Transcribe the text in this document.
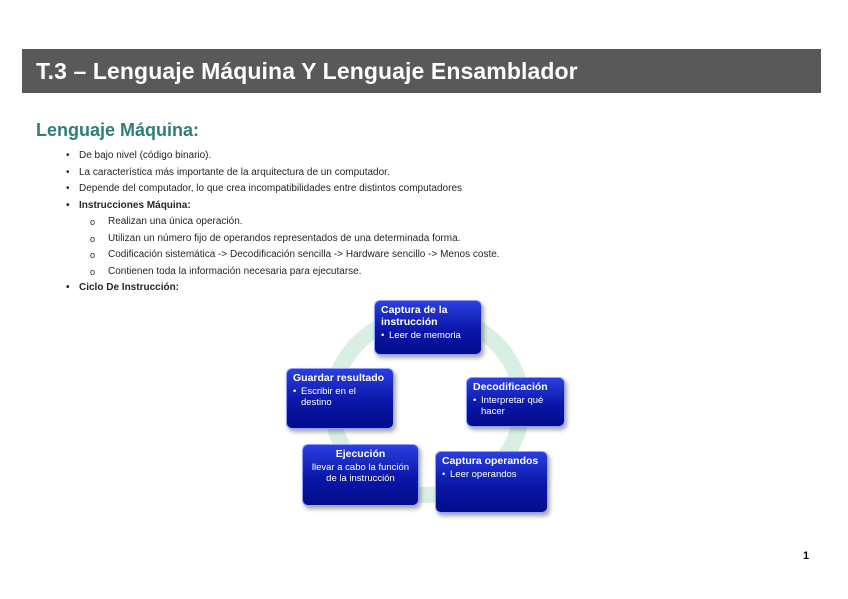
T.3 – Lenguaje Máquina Y Lenguaje Ensamblador
Lenguaje Máquina:
• De bajo nivel (código binario).
• La característica más importante de la arquitectura de un computador.
• Depende del computador, lo que crea incompatibilidades entre distintos computadores
• Instrucciones Máquina:
o Realizan una única operación.
o Utilizan un número fijo de operandos representados de una determinada forma.
o Codificación sistemática -> Decodificación sencilla -> Hardware sencillo -> Menos coste.
o Contienen toda la información necesaria para ejecutarse.
• Ciclo De Instrucción:
Captura de la instrucción
• Leer de memoria
Decodificación
• Interpretar qué hacer
Captura operandos
• Leer operandos
Ejecución
llevar a cabo la función de la instrucción
Guardar resultado
• Escribir en el destino
1
